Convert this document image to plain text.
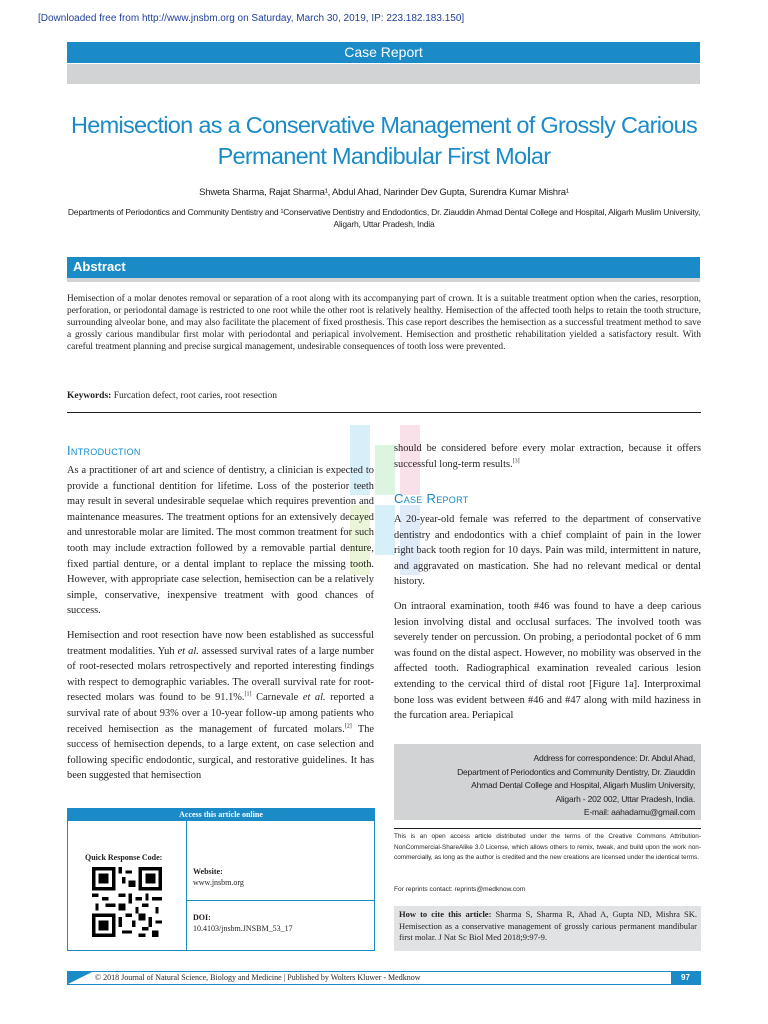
[Downloaded free from http://www.jnsbm.org on Saturday, March 30, 2019, IP: 223.182.183.150]
Case Report
Hemisection as a Conservative Management of Grossly Carious Permanent Mandibular First Molar
Shweta Sharma, Rajat Sharma¹, Abdul Ahad, Narinder Dev Gupta, Surendra Kumar Mishra¹
Departments of Periodontics and Community Dentistry and ¹Conservative Dentistry and Endodontics, Dr. Ziauddin Ahmad Dental College and Hospital, Aligarh Muslim University, Aligarh, Uttar Pradesh, India
Abstract
Hemisection of a molar denotes removal or separation of a root along with its accompanying part of crown. It is a suitable treatment option when the caries, resorption, perforation, or periodontal damage is restricted to one root while the other root is relatively healthy. Hemisection of the affected tooth helps to retain the tooth structure, surrounding alveolar bone, and may also facilitate the placement of fixed prosthesis. This case report describes the hemisection as a successful treatment method to save a grossly carious mandibular first molar with periodontal and periapical involvement. Hemisection and prosthetic rehabilitation yielded a satisfactory result. With careful treatment planning and precise surgical management, undesirable consequences of tooth loss were prevented.
Keywords: Furcation defect, root caries, root resection
Introduction

As a practitioner of art and science of dentistry, a clinician is expected to provide a functional dentition for lifetime. Loss of the posterior teeth may result in several undesirable sequelae which requires prevention and maintenance measures. The treatment options for an extensively decayed and unrestorable molar are limited. The most common treatment for such tooth may include extraction followed by a removable partial denture, fixed partial denture, or a dental implant to replace the missing tooth. However, with appropriate case selection, hemisection can be a relatively simple, conservative, inexpensive treatment with good chances of success.

Hemisection and root resection have now been established as successful treatment modalities. Yuh et al. assessed survival rates of a large number of root-resected molars retrospectively and reported interesting findings with respect to demographic variables. The overall survival rate for root-resected molars was found to be 91.1%.[1] Carnevale et al. reported a survival rate of about 93% over a 10-year follow-up among patients who received hemisection as the management of furcated molars.[2] The success of hemisection depends, to a large extent, on case selection and following specific endodontic, surgical, and restorative guidelines. It has been suggested that hemisection

should be considered before every molar extraction, because it offers successful long-term results.[3]

Case Report

A 20-year-old female was referred to the department of conservative dentistry and endodontics with a chief complaint of pain in the lower right back tooth region for 10 days. Pain was mild, intermittent in nature, and aggravated on mastication. She had no relevant medical or dental history.

On intraoral examination, tooth #46 was found to have a deep carious lesion involving distal and occlusal surfaces. The involved tooth was severely tender on percussion. On probing, a periodontal pocket of 6 mm was found on the distal aspect. However, no mobility was observed in the affected tooth. Radiographical examination revealed carious lesion extending to the cervical third of distal root [Figure 1a]. Interproximal bone loss was evident between #46 and #47 along with mild haziness in the furcation area. Periapical

Address for correspondence: Dr. Abdul Ahad,
Department of Periodontics and Community Dentistry, Dr. Ziauddin
Ahmad Dental College and Hospital, Aligarh Muslim University,
Aligarh - 202 002, Uttar Pradesh, India.
E-mail: aahadamu@gmail.com
Access this article online
Quick Response Code:
Website:
www.jnsbm.org
DOI:
10.4103/jnsbm.JNSBM_53_17
This is an open access article distributed under the terms of the Creative Commons Attribution-NonCommercial-ShareAlike 3.0 License, which allows others to remix, tweak, and build upon the work non-commercially, as long as the author is credited and the new creations are licensed under the identical terms.
For reprints contact: reprints@medknow.com
How to cite this article: Sharma S, Sharma R, Ahad A, Gupta ND, Mishra SK. Hemisection as a conservative management of grossly carious permanent mandibular first molar. J Nat Sc Biol Med 2018;9:97-9.
© 2018 Journal of Natural Science, Biology and Medicine | Published by Wolters Kluwer - Medknow	97
